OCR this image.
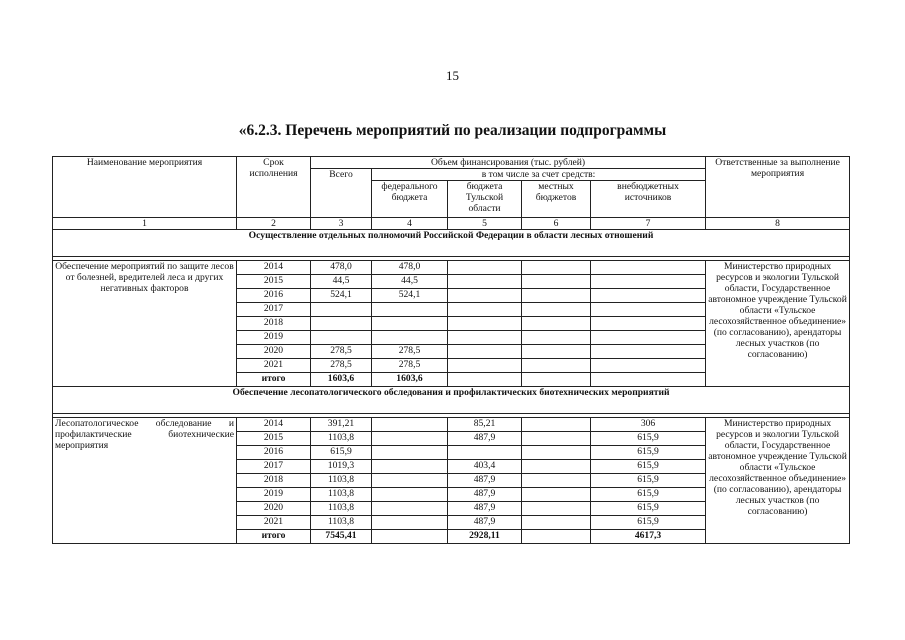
15
«6.2.3. Перечень мероприятий по реализации подпрограммы
Наименование мероприятия	Срок исполнения	Объем финансирования (тыс. рублей)					Ответственные за выполнение мероприятия
		Всего	в том числе за счет средств:				
			федерального бюджета	бюджета Тульской области	местных бюджетов	внебюджетных источников	
1	2	3	4	5	6	7	8
Осуществление отдельных полномочий Российской Федерации в области лесных отношений							

Обеспечение мероприятий по защите лесов от болезней, вредителей леса и других негативных факторов	2014	478,0	478,0				Министерство природных ресурсов и экологии Тульской области, Государственное автономное учреждение Тульской области «Тульское лесохозяйственное объединение» (по согласованию), арендаторы лесных участков (по согласованию)
	2015	44,5	44,5				
	2016	524,1	524,1				
	2017						
	2018						
	2019						
	2020	278,5	278,5				
	2021	278,5	278,5				
	итого	1603,6	1603,6				
Обеспечение лесопатологического обследования и профилактических биотехнических мероприятий							

Лесопатологическое обследование и профилактические биотехнические мероприятия	2014	391,21		85,21		306	Министерство природных ресурсов и экологии Тульской области, Государственное автономное учреждение Тульской области «Тульское лесохозяйственное объединение» (по согласованию), арендаторы лесных участков (по согласованию)
	2015	1103,8		487,9		615,9	
	2016	615,9				615,9	
	2017	1019,3		403,4		615,9	
	2018	1103,8		487,9		615,9	
	2019	1103,8		487,9		615,9	
	2020	1103,8		487,9		615,9	
	2021	1103,8		487,9		615,9	
	итого	7545,41		2928,11		4617,3	
